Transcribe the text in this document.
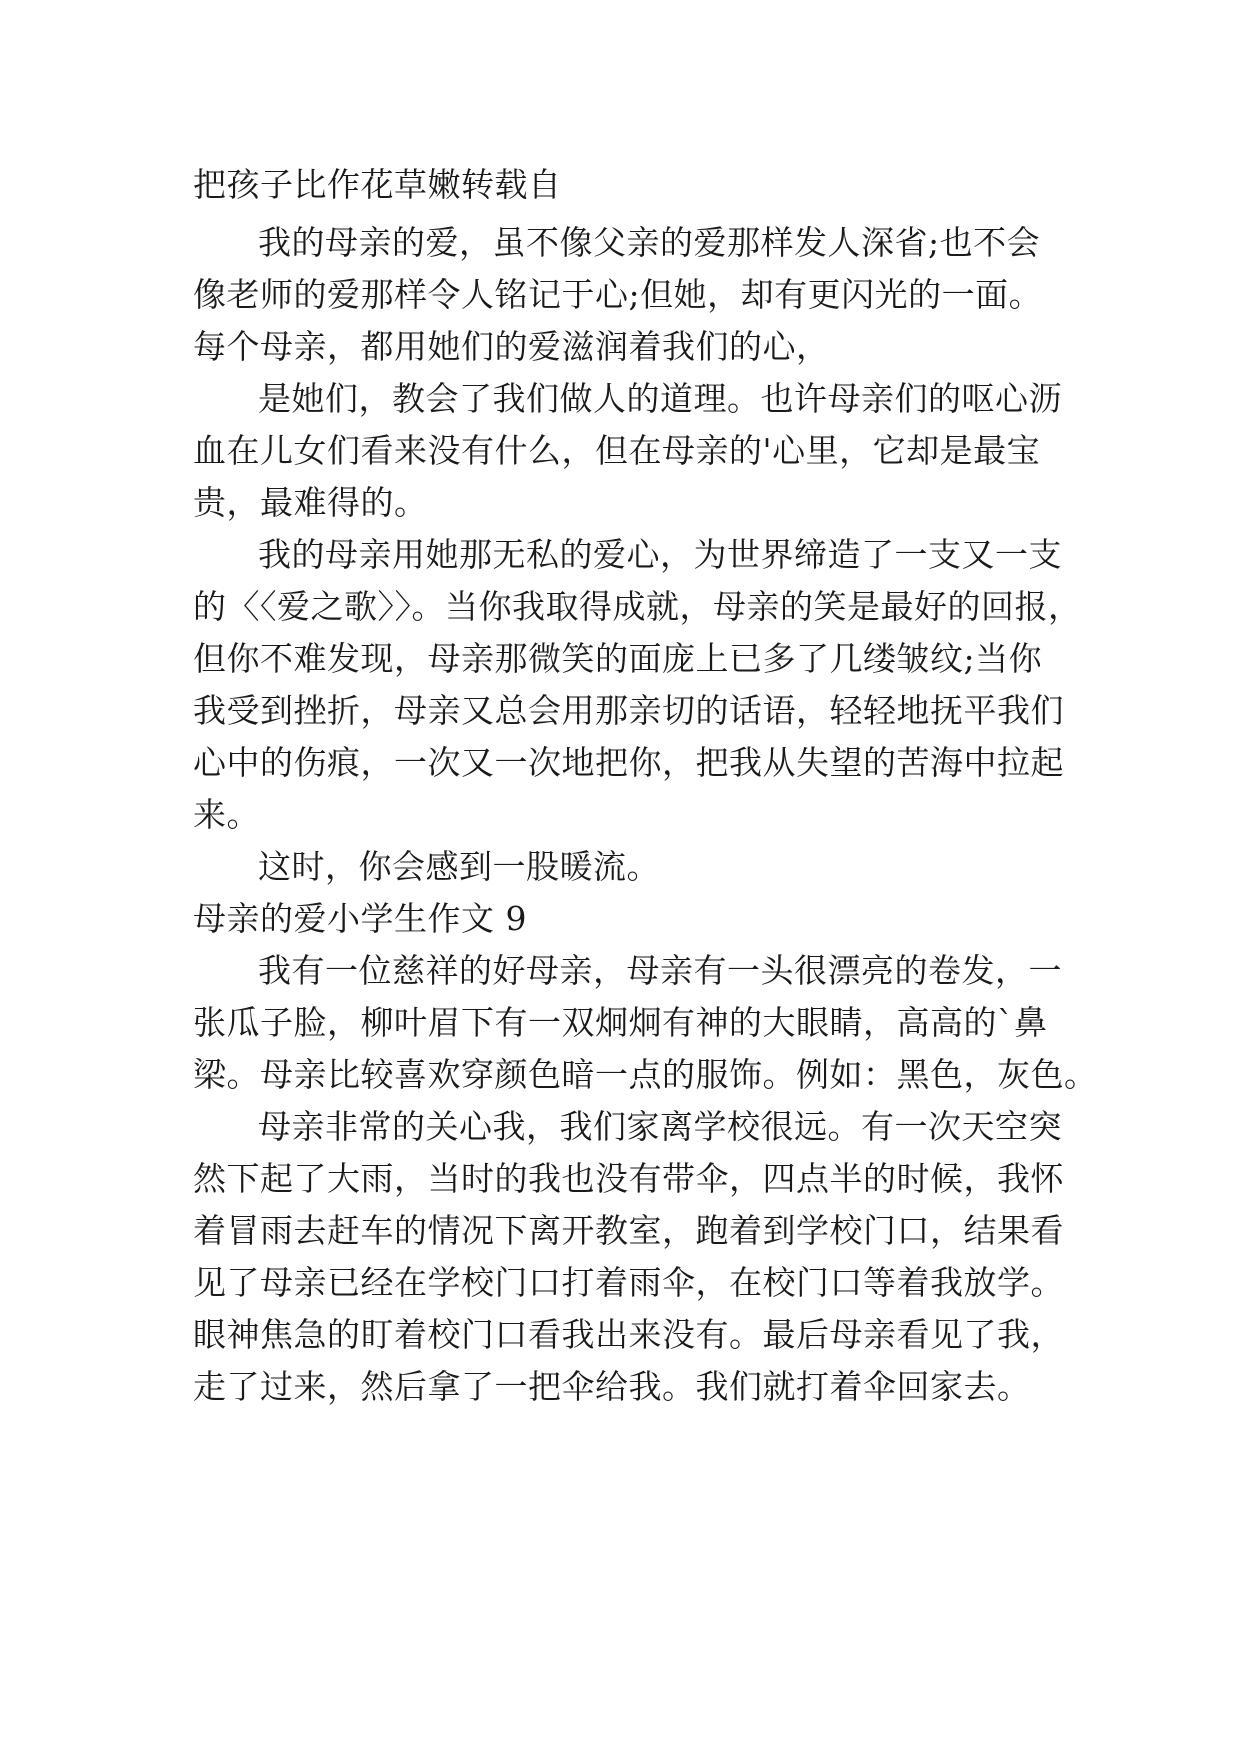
把孩子比作花草嫩转载自
我的母亲的爱，虽不像父亲的爱那样发人深省;也不会
像老师的爱那样令人铭记于心;但她，却有更闪光的一面。
每个母亲，都用她们的爱滋润着我们的心，
是她们，教会了我们做人的道理。也许母亲们的呕心沥
血在儿女们看来没有什么，但在母亲的'心里，它却是最宝
贵，最难得的。
我的母亲用她那无私的爱心，为世界缔造了一支又一支
的〈〈爱之歌〉〉。当你我取得成就，母亲的笑是最好的回报，
但你不难发现，母亲那微笑的面庞上已多了几缕皱纹;当你
我受到挫折，母亲又总会用那亲切的话语，轻轻地抚平我们
心中的伤痕，一次又一次地把你，把我从失望的苦海中拉起
来。
这时，你会感到一股暖流。
母亲的爱小学生作文 9
我有一位慈祥的好母亲，母亲有一头很漂亮的卷发，一
张瓜子脸，柳叶眉下有一双炯炯有神的大眼睛，高高的`鼻
梁。母亲比较喜欢穿颜色暗一点的服饰。例如：黑色，灰色。
母亲非常的关心我，我们家离学校很远。有一次天空突
然下起了大雨，当时的我也没有带伞，四点半的时候，我怀
着冒雨去赶车的情况下离开教室，跑着到学校门口，结果看
见了母亲已经在学校门口打着雨伞，在校门口等着我放学。
眼神焦急的盯着校门口看我出来没有。最后母亲看见了我，
走了过来，然后拿了一把伞给我。我们就打着伞回家去。
